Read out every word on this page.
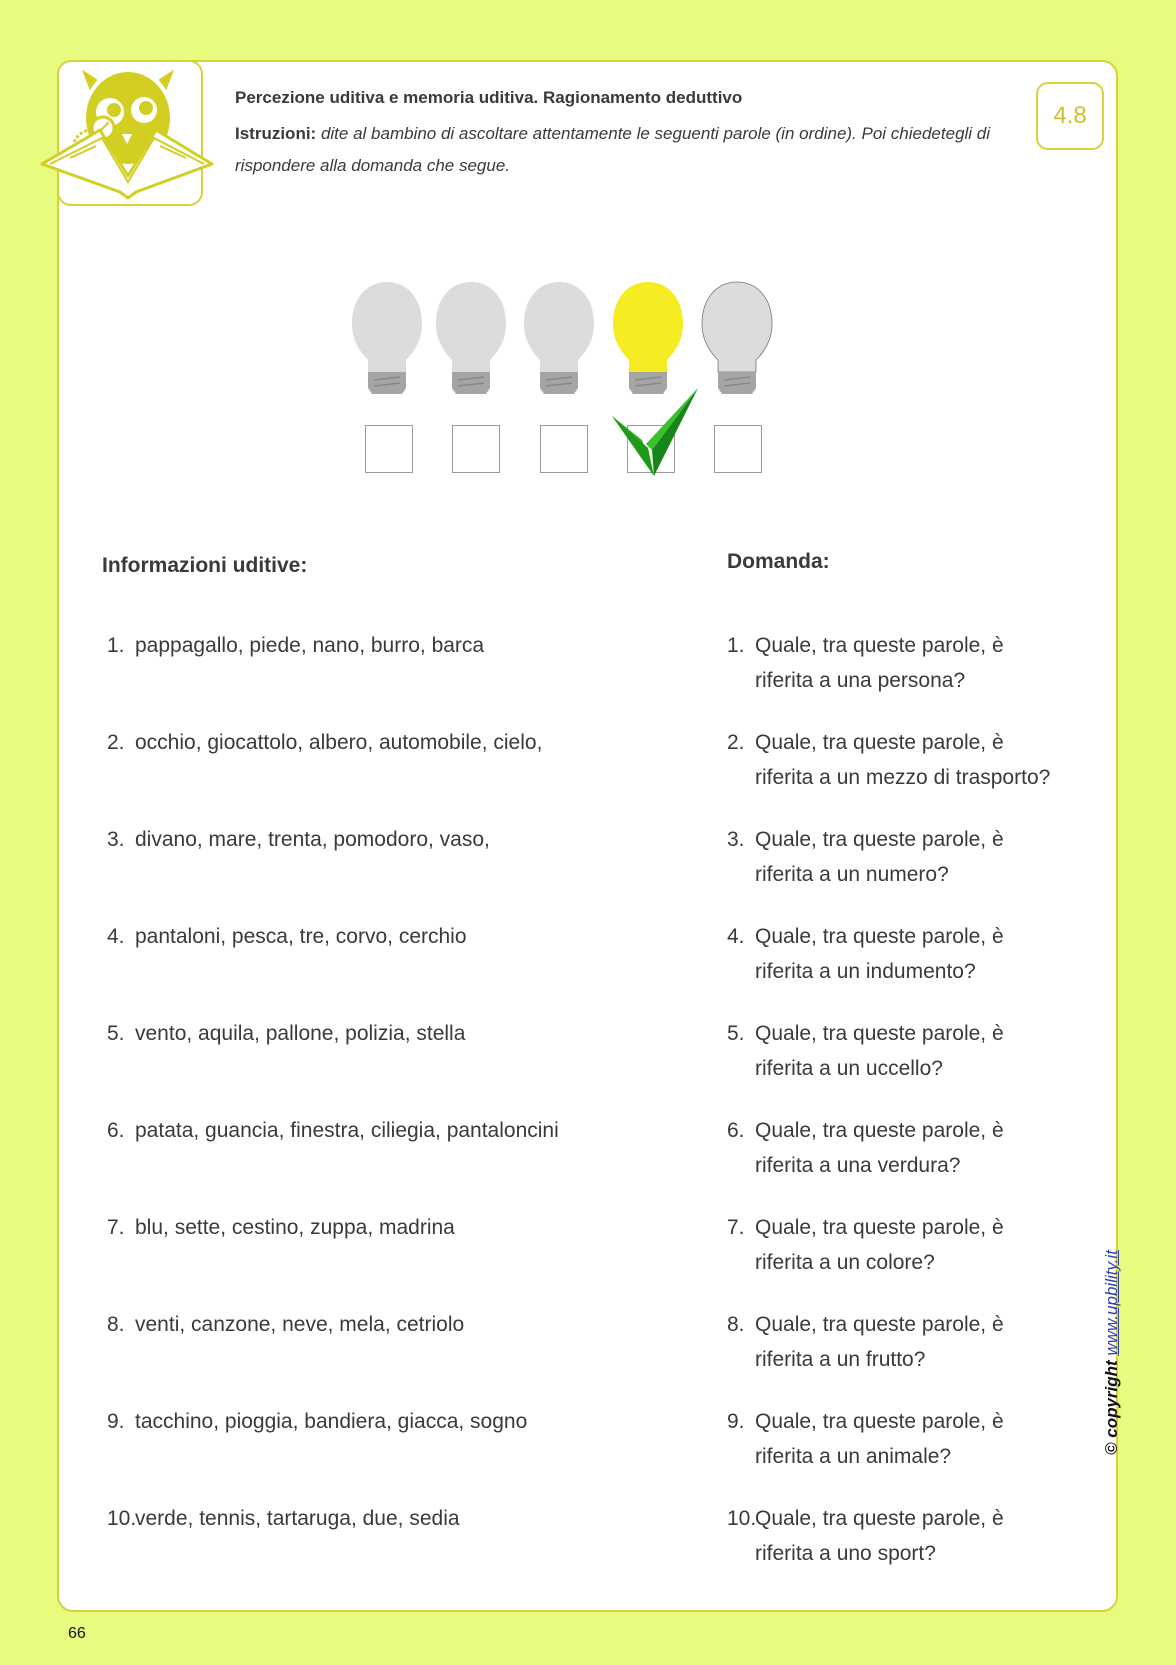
Percezione uditiva e memoria uditiva. Ragionamento deduttivo
Istruzioni: dite al bambino di ascoltare attentamente le seguenti parole (in ordine). Poi chiedetegli di rispondere alla domanda che segue.
4.8
Informazioni uditive:
1. pappagallo, piede, nano, burro, barca
2. occhio, giocattolo, albero, automobile, cielo,
3. divano, mare, trenta, pomodoro, vaso,
4. pantaloni, pesca, tre, corvo, cerchio
5. vento, aquila, pallone, polizia, stella
6. patata, guancia, finestra, ciliegia, pantaloncini
7. blu, sette, cestino, zuppa, madrina
8. venti, canzone, neve, mela, cetriolo
9. tacchino, pioggia, bandiera, giacca, sogno
10.verde, tennis, tartaruga, due, sedia
Domanda:
1. Quale, tra queste parole, è
riferita a una persona?
2. Quale, tra queste parole, è
riferita a un mezzo di trasporto?
3. Quale, tra queste parole, è
riferita a un numero?
4. Quale, tra queste parole, è
riferita a un indumento?
5. Quale, tra queste parole, è
riferita a un uccello?
6. Quale, tra queste parole, è
riferita a una verdura?
7. Quale, tra queste parole, è
riferita a un colore?
8. Quale, tra queste parole, è
riferita a un frutto?
9. Quale, tra queste parole, è
riferita a un animale?
10.Quale, tra queste parole, è
riferita a uno sport?
© copyright www.upbility.it
66
